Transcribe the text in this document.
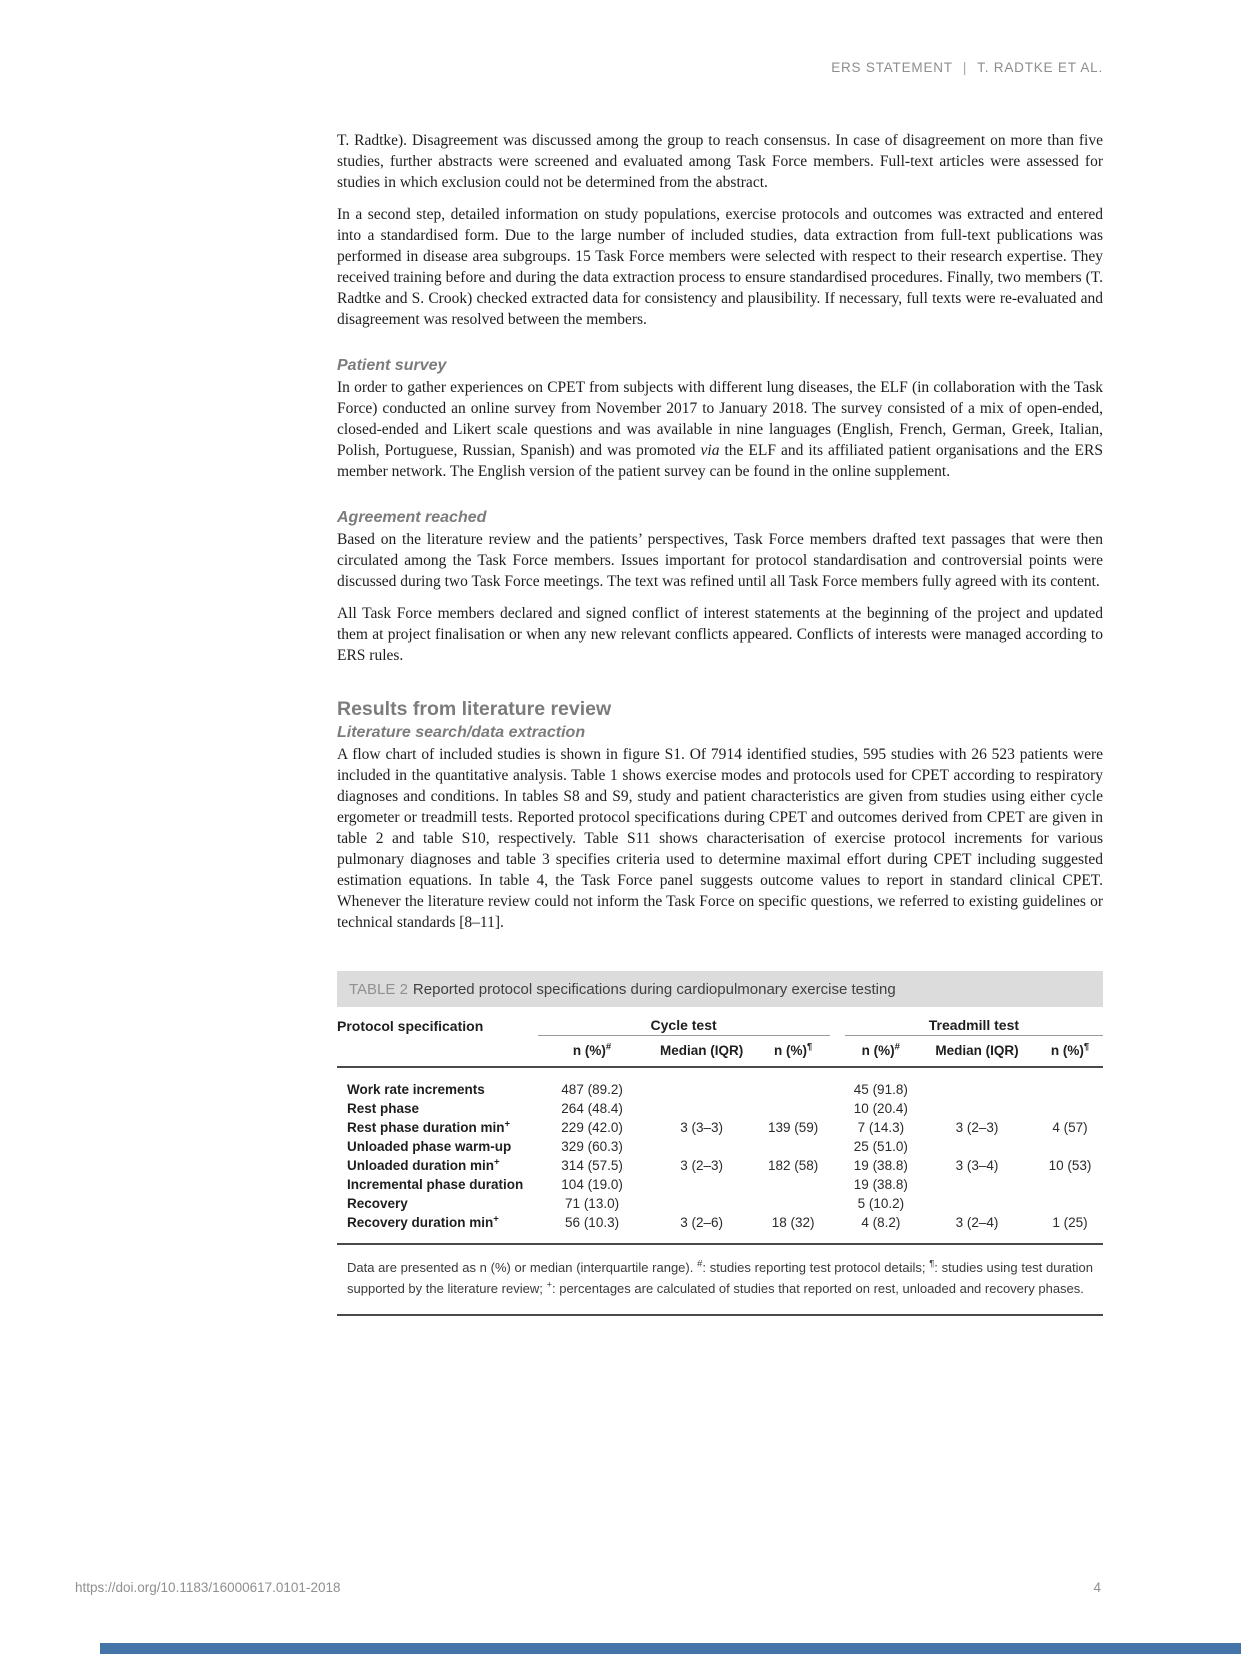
ERS STATEMENT | T. RADTKE ET AL.

T. Radtke). Disagreement was discussed among the group to reach consensus. In case of disagreement on more than five studies, further abstracts were screened and evaluated among Task Force members. Full-text articles were assessed for studies in which exclusion could not be determined from the abstract.

In a second step, detailed information on study populations, exercise protocols and outcomes was extracted and entered into a standardised form. Due to the large number of included studies, data extraction from full-text publications was performed in disease area subgroups. 15 Task Force members were selected with respect to their research expertise. They received training before and during the data extraction process to ensure standardised procedures. Finally, two members (T. Radtke and S. Crook) checked extracted data for consistency and plausibility. If necessary, full texts were re-evaluated and disagreement was resolved between the members.

Patient survey

In order to gather experiences on CPET from subjects with different lung diseases, the ELF (in collaboration with the Task Force) conducted an online survey from November 2017 to January 2018. The survey consisted of a mix of open-ended, closed-ended and Likert scale questions and was available in nine languages (English, French, German, Greek, Italian, Polish, Portuguese, Russian, Spanish) and was promoted via the ELF and its affiliated patient organisations and the ERS member network. The English version of the patient survey can be found in the online supplement.

Agreement reached

Based on the literature review and the patients’ perspectives, Task Force members drafted text passages that were then circulated among the Task Force members. Issues important for protocol standardisation and controversial points were discussed during two Task Force meetings. The text was refined until all Task Force members fully agreed with its content.

All Task Force members declared and signed conflict of interest statements at the beginning of the project and updated them at project finalisation or when any new relevant conflicts appeared. Conflicts of interests were managed according to ERS rules.

Results from literature review
Literature search/data extraction

A flow chart of included studies is shown in figure S1. Of 7914 identified studies, 595 studies with 26 523 patients were included in the quantitative analysis. Table 1 shows exercise modes and protocols used for CPET according to respiratory diagnoses and conditions. In tables S8 and S9, study and patient characteristics are given from studies using either cycle ergometer or treadmill tests. Reported protocol specifications during CPET and outcomes derived from CPET are given in table 2 and table S10, respectively. Table S11 shows characterisation of exercise protocol increments for various pulmonary diagnoses and table 3 specifies criteria used to determine maximal effort during CPET including suggested estimation equations. In table 4, the Task Force panel suggests outcome values to report in standard clinical CPET. Whenever the literature review could not inform the Task Force on specific questions, we referred to existing guidelines or technical standards [8–11].

TABLE 2 Reported protocol specifications during cardiopulmonary exercise testing
Protocol specification	Cycle test				Treadmill test		
	n (%)#	Median (IQR)	n (%)¶		n (%)#	Median (IQR)	n (%)¶
Work rate increments	487 (89.2)				45 (91.8)		
Rest phase	264 (48.4)				10 (20.4)		
Rest phase duration min+	229 (42.0)	3 (3–3)	139 (59)		7 (14.3)	3 (2–3)	4 (57)
Unloaded phase warm-up	329 (60.3)				25 (51.0)		
Unloaded duration min+	314 (57.5)	3 (2–3)	182 (58)		19 (38.8)	3 (3–4)	10 (53)
Incremental phase duration	104 (19.0)				19 (38.8)		
Recovery	71 (13.0)				5 (10.2)		
Recovery duration min+	56 (10.3)	3 (2–6)	18 (32)		4 (8.2)	3 (2–4)	1 (25)
Data are presented as n (%) or median (interquartile range). #: studies reporting test protocol details; ¶: studies using test duration supported by the literature review; +: percentages are calculated of studies that reported on rest, unloaded and recovery phases.
https://doi.org/10.1183/16000617.0101-2018	4
